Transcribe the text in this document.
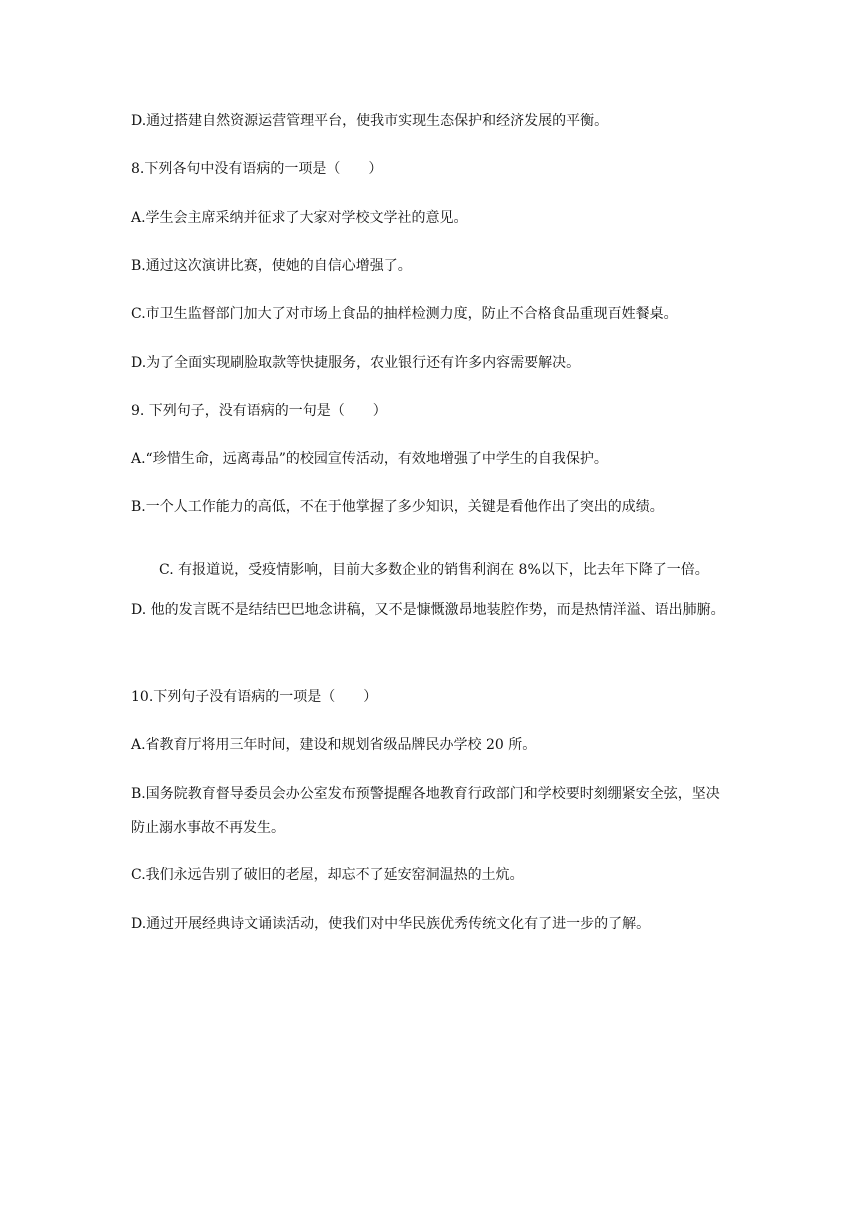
D.通过搭建自然资源运营管理平台，使我市实现生态保护和经济发展的平衡。

8.下列各句中没有语病的一项是（　　）

A.学生会主席采纳并征求了大家对学校文学社的意见。

B.通过这次演讲比赛，使她的自信心增强了。

C.市卫生监督部门加大了对市场上食品的抽样检测力度，防止不合格食品重现百姓餐桌。

D.为了全面实现刷脸取款等快捷服务，农业银行还有许多内容需要解决。

9. 下列句子，没有语病的一句是（　　）

A.“珍惜生命，远离毒品”的校园宣传活动，有效地增强了中学生的自我保护。

B.一个人工作能力的高低，不在于他掌握了多少知识，关键是看他作出了突出的成绩。

C. 有报道说，受疫情影响，目前大多数企业的销售利润在 8%以下，比去年下降了一倍。

D. 他的发言既不是结结巴巴地念讲稿，又不是慷慨激昂地装腔作势，而是热情洋溢、语出肺腑。

10.下列句子没有语病的一项是（　　）

A.省教育厅将用三年时间，建设和规划省级品牌民办学校 20 所。

B.国务院教育督导委员会办公室发布预警提醒各地教育行政部门和学校要时刻绷紧安全弦，坚决防止溺水事故不再发生。

C.我们永远告别了破旧的老屋，却忘不了延安窑洞温热的土炕。

D.通过开展经典诗文诵读活动，使我们对中华民族优秀传统文化有了进一步的了解。
